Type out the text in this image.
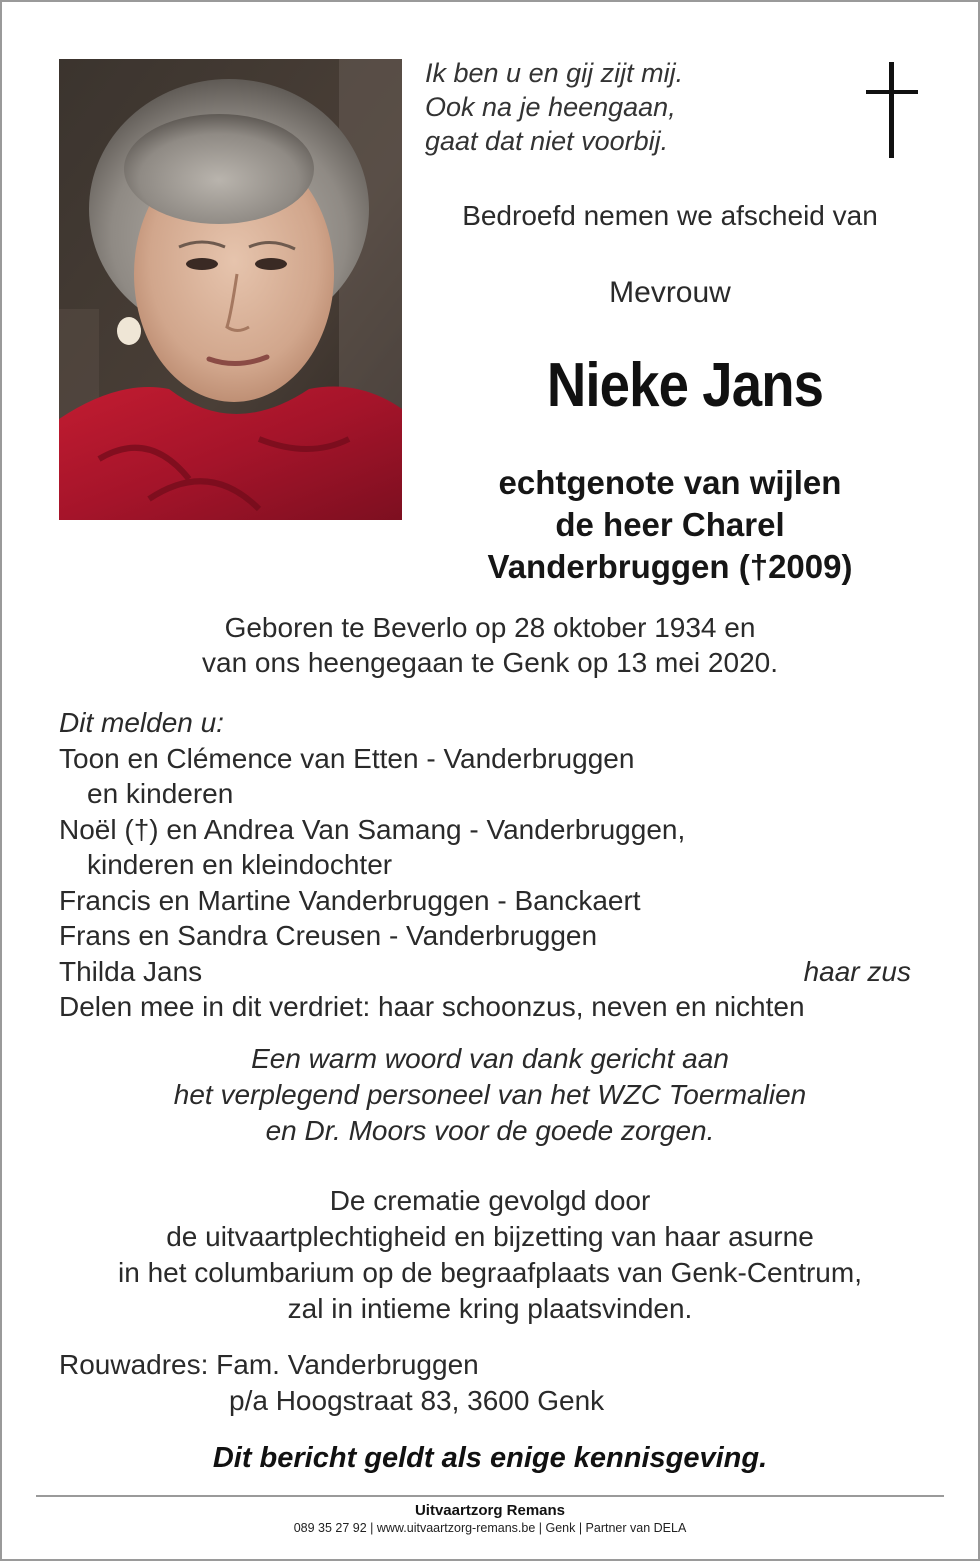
Ik ben u en gij zijt mij.
Ook na je heengaan,
gaat dat niet voorbij.
Bedroefd nemen we afscheid van
Mevrouw
Nieke Jans
echtgenote van wijlen
de heer Charel
Vanderbruggen (†2009)
Geboren te Beverlo op 28 oktober 1934 en
van ons heengegaan te Genk op 13 mei 2020.
Dit melden u:
Toon en Clémence van Etten - Vanderbruggen
en kinderen
Noël (†) en Andrea Van Samang - Vanderbruggen,
kinderen en kleindochter
Francis en Martine Vanderbruggen - Banckaert
Frans en Sandra Creusen - Vanderbruggen
Thilda Jans	haar zus
Delen mee in dit verdriet: haar schoonzus, neven en nichten
Een warm woord van dank gericht aan
het verplegend personeel van het WZC Toermalien
en Dr. Moors voor de goede zorgen.
De crematie gevolgd door
de uitvaartplechtigheid en bijzetting van haar asurne
in het columbarium op de begraafplaats van Genk-Centrum,
zal in intieme kring plaatsvinden.
Rouwadres: Fam. Vanderbruggen
p/a Hoogstraat 83, 3600 Genk
Dit bericht geldt als enige kennisgeving.
Uitvaartzorg Remans
089 35 27 92 | www.uitvaartzorg-remans.be | Genk | Partner van DELA
